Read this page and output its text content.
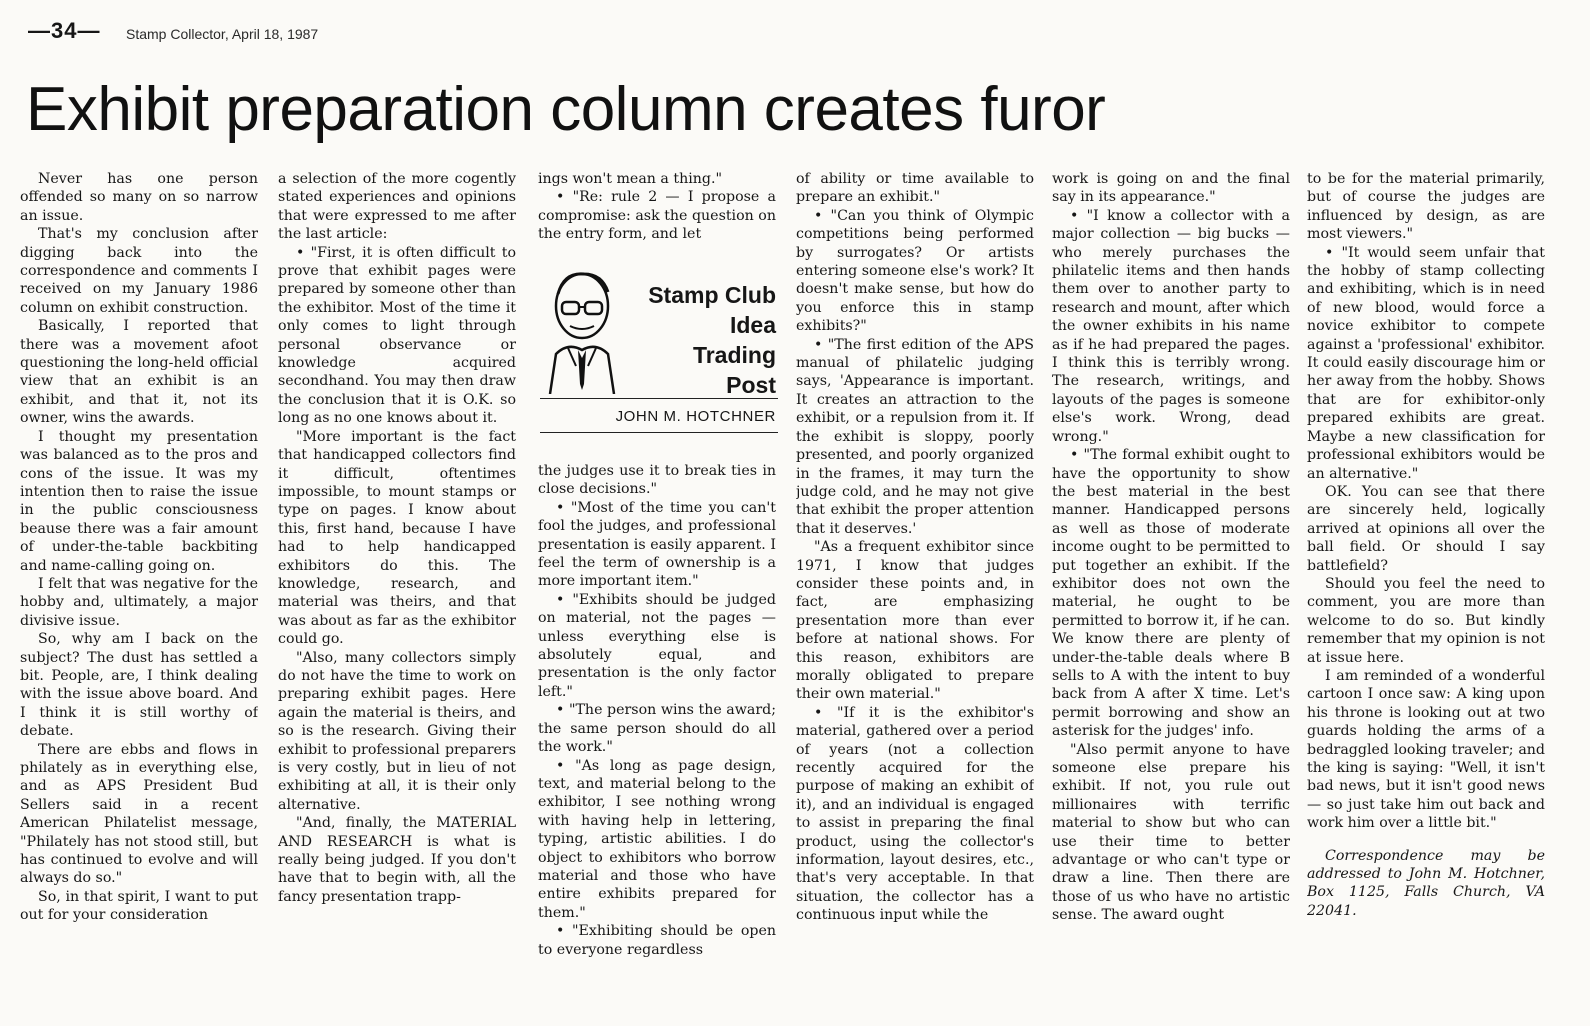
—34— Stamp Collector, April 18, 1987
Exhibit preparation column creates furor

Never has one person offended so many on so narrow an issue.

That's my conclusion after digging back into the correspondence and comments I received on my January 1986 column on exhibit construction.

Basically, I reported that there was a movement afoot questioning the long-held official view that an exhibit is an exhibit, and that it, not its owner, wins the awards.

I thought my presentation was balanced as to the pros and cons of the issue. It was my intention then to raise the issue in the public consciousness beause there was a fair amount of under-the-table backbiting and name-calling going on.

I felt that was negative for the hobby and, ultimately, a major divisive issue.

So, why am I back on the subject? The dust has settled a bit. People, are, I think dealing with the issue above board. And I think it is still worthy of debate.

There are ebbs and flows in philately as in everything else, and as APS President Bud Sellers said in a recent American Philatelist message, "Philately has not stood still, but has continued to evolve and will always do so."

So, in that spirit, I want to put out for your consideration

a selection of the more cogently stated experiences and opinions that were expressed to me after the last article:

• "First, it is often difficult to prove that exhibit pages were prepared by someone other than the exhibitor. Most of the time it only comes to light through personal observance or knowledge acquired secondhand. You may then draw the conclusion that it is O.K. so long as no one knows about it.

"More important is the fact that handicapped collectors find it difficult, oftentimes impossible, to mount stamps or type on pages. I know about this, first hand, because I have had to help handicapped exhibitors do this. The knowledge, research, and material was theirs, and that was about as far as the exhibitor could go.

"Also, many collectors simply do not have the time to work on preparing exhibit pages. Here again the material is theirs, and so is the research. Giving their exhibit to professional preparers is very costly, but in lieu of not exhibiting at all, it is their only alternative.

"And, finally, the MATERIAL AND RESEARCH is what is really being judged. If you don't have that to begin with, all the fancy presentation trapp-

ings won't mean a thing."

• "Re: rule 2 — I propose a compromise: ask the question on the entry form, and let

Stamp Club
Idea
Trading
Post
JOHN M. HOTCHNER

the judges use it to break ties in close decisions."

• "Most of the time you can't fool the judges, and professional presentation is easily apparent. I feel the term of ownership is a more important item."

• "Exhibits should be judged on material, not the pages — unless everything else is absolutely equal, and presentation is the only factor left."

• "The person wins the award; the same person should do all the work."

• "As long as page design, text, and material belong to the exhibitor, I see nothing wrong with having help in lettering, typing, artistic abilities. I do object to exhibitors who borrow material and those who have entire exhibits prepared for them."

• "Exhibiting should be open to everyone regardless

of ability or time available to prepare an exhibit."

• "Can you think of Olympic competitions being performed by surrogates? Or artists entering someone else's work? It doesn't make sense, but how do you enforce this in stamp exhibits?"

• "The first edition of the APS manual of philatelic judging says, 'Appearance is important. It creates an attraction to the exhibit, or a repulsion from it. If the exhibit is sloppy, poorly presented, and poorly organized in the frames, it may turn the judge cold, and he may not give that exhibit the proper attention that it deserves.'

"As a frequent exhibitor since 1971, I know that judges consider these points and, in fact, are emphasizing presentation more than ever before at national shows. For this reason, exhibitors are morally obligated to prepare their own material."

• "If it is the exhibitor's material, gathered over a period of years (not a collection recently acquired for the purpose of making an exhibit of it), and an individual is engaged to assist in preparing the final product, using the collector's information, layout desires, etc., that's very acceptable. In that situation, the collector has a continuous input while the

work is going on and the final say in its appearance."

• "I know a collector with a major collection — big bucks — who merely purchases the philatelic items and then hands them over to another party to research and mount, after which the owner exhibits in his name as if he had prepared the pages. I think this is terribly wrong. The research, writings, and layouts of the pages is someone else's work. Wrong, dead wrong."

• "The formal exhibit ought to have the opportunity to show the best material in the best manner. Handicapped persons as well as those of moderate income ought to be permitted to put together an exhibit. If the exhibitor does not own the material, he ought to be permitted to borrow it, if he can. We know there are plenty of under-the-table deals where B sells to A with the intent to buy back from A after X time. Let's permit borrowing and show an asterisk for the judges' info.

"Also permit anyone to have someone else prepare his exhibit. If not, you rule out millionaires with terrific material to show but who can use their time to better advantage or who can't type or draw a line. Then there are those of us who have no artistic sense. The award ought

to be for the material primarily, but of course the judges are influenced by design, as are most viewers."

• "It would seem unfair that the hobby of stamp collecting and exhibiting, which is in need of new blood, would force a novice exhibitor to compete against a 'professional' exhibitor. It could easily discourage him or her away from the hobby. Shows that are for exhibitor-only prepared exhibits are great. Maybe a new classification for professional exhibitors would be an alternative."

OK. You can see that there are sincerely held, logically arrived at opinions all over the ball field. Or should I say battlefield?

Should you feel the need to comment, you are more than welcome to do so. But kindly remember that my opinion is not at issue here.

I am reminded of a wonderful cartoon I once saw: A king upon his throne is looking out at two guards holding the arms of a bedraggled looking traveler; and the king is saying: "Well, it isn't bad news, but it isn't good news — so just take him out back and work him over a little bit."

Correspondence may be addressed to John M. Hotchner, Box 1125, Falls Church, VA 22041.
